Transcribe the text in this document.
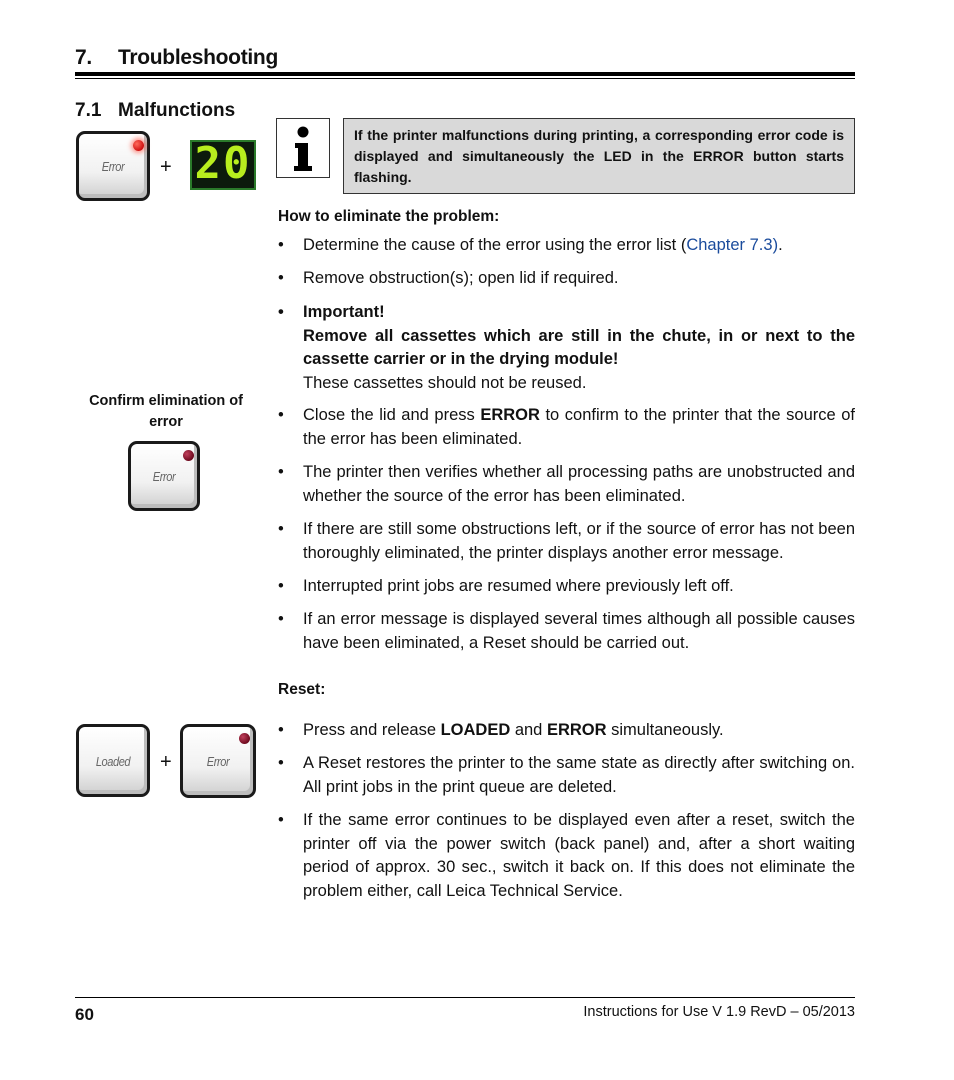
7. Troubleshooting
7.1 Malfunctions
Error	+ 20
If the printer malfunctions during printing, a corresponding error code is displayed and simultaneously the LED in the ERROR button starts flashing.
How to eliminate the problem:
•	Determine the cause of the error using the error list (Chapter 7.3).
•	Remove obstruction(s); open lid if required.
•	Important!
Remove all cassettes which are still in the chute, in or next to the cassette carrier or in the drying module!
These cassettes should not be reused.
•	Close the lid and press ERROR to confirm to the printer that the source of the error has been eliminated.
•	The printer then verifies whether all processing paths are unobstructed and whether the source of the error has been eliminated.
•	If there are still some obstructions left, or if the source of error has not been thoroughly eliminated, the printer displays another error message.
•	Interrupted print jobs are resumed where previously left off.
•	If an error message is displayed several times although all possible causes have been eliminated, a Reset should be carried out.
Confirm elimination of error
Error
Reset:
Loaded	+	Error
•	Press and release LOADED and ERROR simultaneously.
•	A Reset restores the printer to the same state as directly after switching on. All print jobs in the print queue are deleted.
•	If the same error continues to be displayed even after a reset, switch the printer off via the power switch (back panel) and, after a short waiting period of approx. 30 sec., switch it back on. If this does not eliminate the problem either, call Leica Technical Service.
60	Instructions for Use V 1.9 RevD – 05/2013
